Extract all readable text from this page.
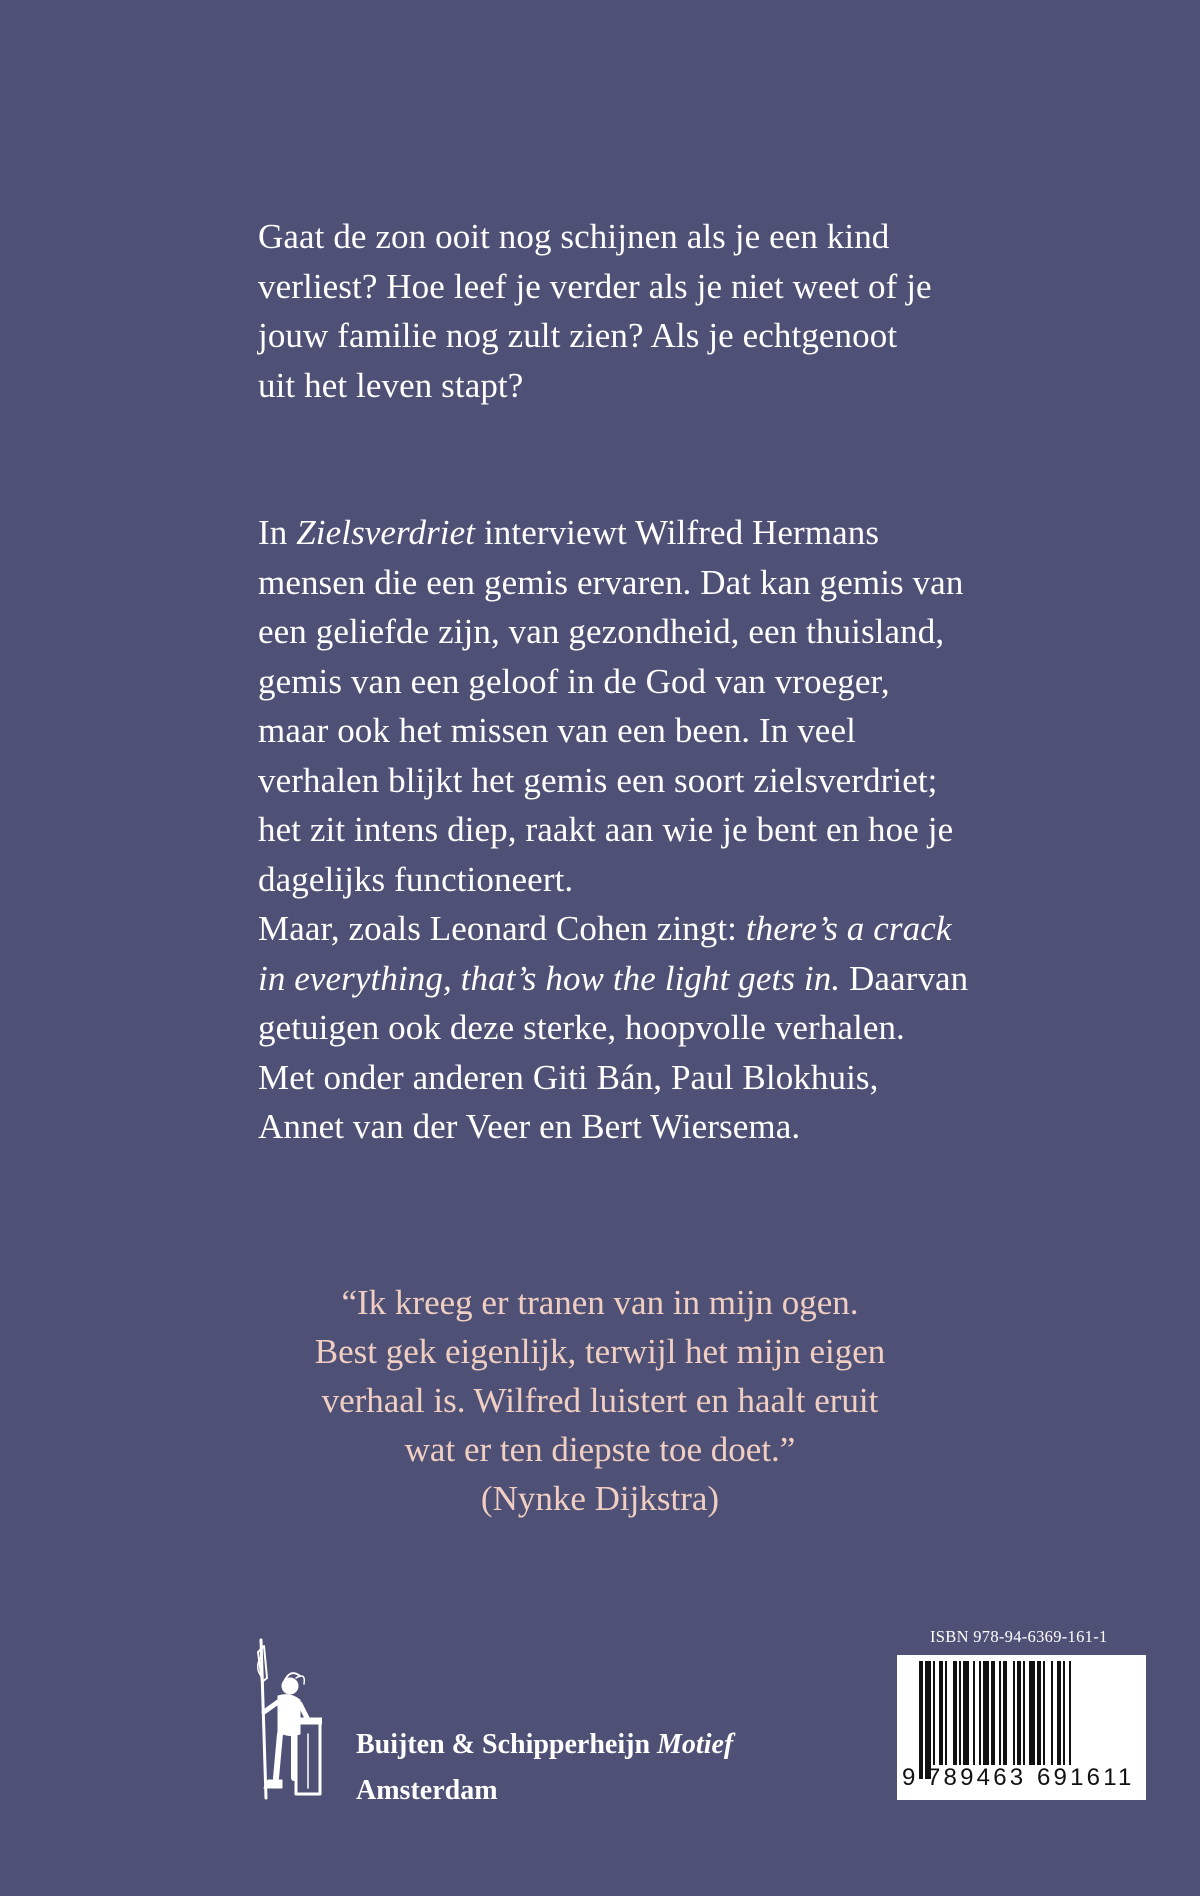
Gaat de zon ooit nog schijnen als je een kind
verliest? Hoe leef je verder als je niet weet of je
jouw familie nog zult zien? Als je echtgenoot
uit het leven stapt?

In Zielsverdriet interviewt Wilfred Hermans
mensen die een gemis ervaren. Dat kan gemis van
een geliefde zijn, van gezondheid, een thuisland,
gemis van een geloof in de God van vroeger,
maar ook het missen van een been. In veel
verhalen blijkt het gemis een soort zielsverdriet;
het zit intens diep, raakt aan wie je bent en hoe je
dagelijks functioneert.
Maar, zoals Leonard Cohen zingt: there’s a crack
in everything, that’s how the light gets in. Daarvan
getuigen ook deze sterke, hoopvolle verhalen.
Met onder anderen Giti Bán, Paul Blokhuis,
Annet van der Veer en Bert Wiersema.

“Ik kreeg er tranen van in mijn ogen.
Best gek eigenlijk, terwijl het mijn eigen
verhaal is. Wilfred luistert en haalt eruit
wat er ten diepste toe doet.”
(Nynke Dijkstra)
Buijten & Schipperheijn Motief
Amsterdam
ISBN 978-94-6369-161-1
9 789463 691611
